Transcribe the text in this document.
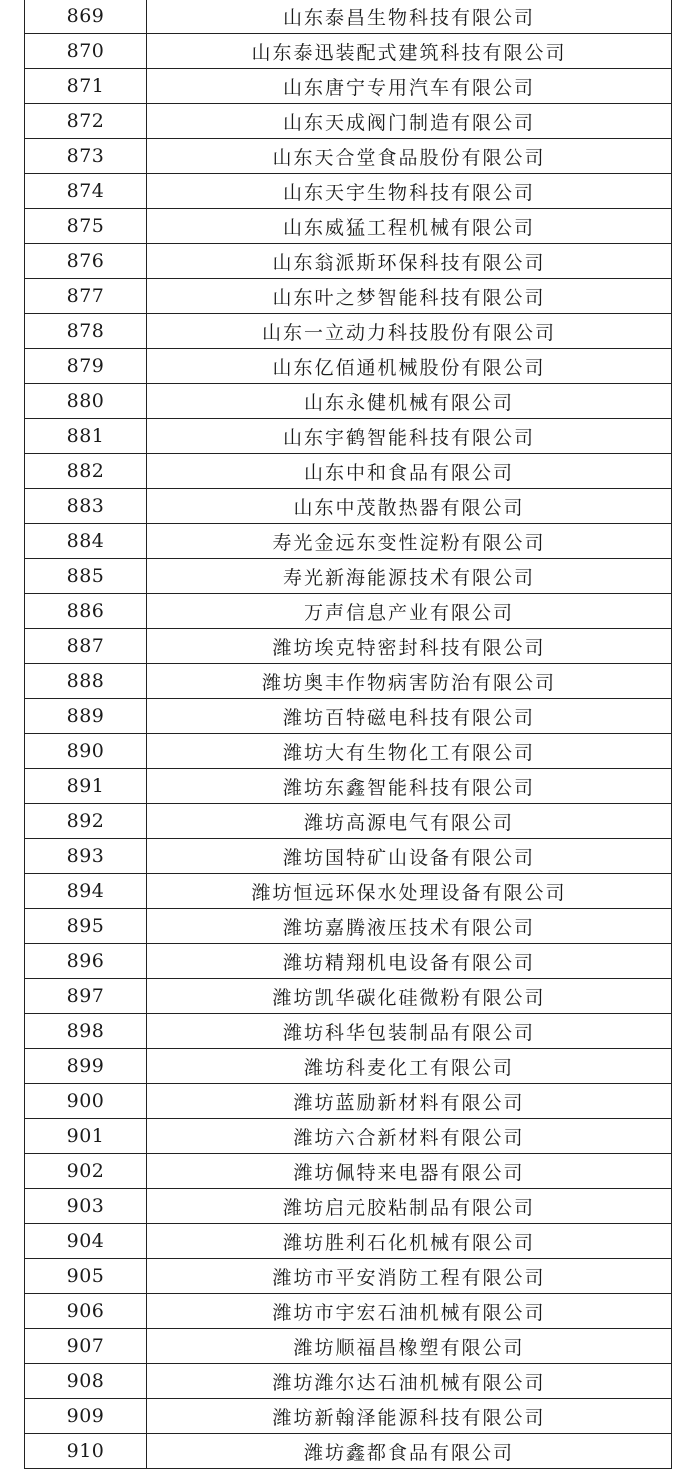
869	山东泰昌生物科技有限公司
870	山东泰迅装配式建筑科技有限公司
871	山东唐宁专用汽车有限公司
872	山东天成阀门制造有限公司
873	山东天合堂食品股份有限公司
874	山东天宇生物科技有限公司
875	山东威猛工程机械有限公司
876	山东翁派斯环保科技有限公司
877	山东叶之梦智能科技有限公司
878	山东一立动力科技股份有限公司
879	山东亿佰通机械股份有限公司
880	山东永健机械有限公司
881	山东宇鹤智能科技有限公司
882	山东中和食品有限公司
883	山东中茂散热器有限公司
884	寿光金远东变性淀粉有限公司
885	寿光新海能源技术有限公司
886	万声信息产业有限公司
887	潍坊埃克特密封科技有限公司
888	潍坊奥丰作物病害防治有限公司
889	潍坊百特磁电科技有限公司
890	潍坊大有生物化工有限公司
891	潍坊东鑫智能科技有限公司
892	潍坊高源电气有限公司
893	潍坊国特矿山设备有限公司
894	潍坊恒远环保水处理设备有限公司
895	潍坊嘉腾液压技术有限公司
896	潍坊精翔机电设备有限公司
897	潍坊凯华碳化硅微粉有限公司
898	潍坊科华包装制品有限公司
899	潍坊科麦化工有限公司
900	潍坊蓝励新材料有限公司
901	潍坊六合新材料有限公司
902	潍坊佩特来电器有限公司
903	潍坊启元胶粘制品有限公司
904	潍坊胜利石化机械有限公司
905	潍坊市平安消防工程有限公司
906	潍坊市宇宏石油机械有限公司
907	潍坊顺福昌橡塑有限公司
908	潍坊潍尔达石油机械有限公司
909	潍坊新翰泽能源科技有限公司
910	潍坊鑫都食品有限公司
